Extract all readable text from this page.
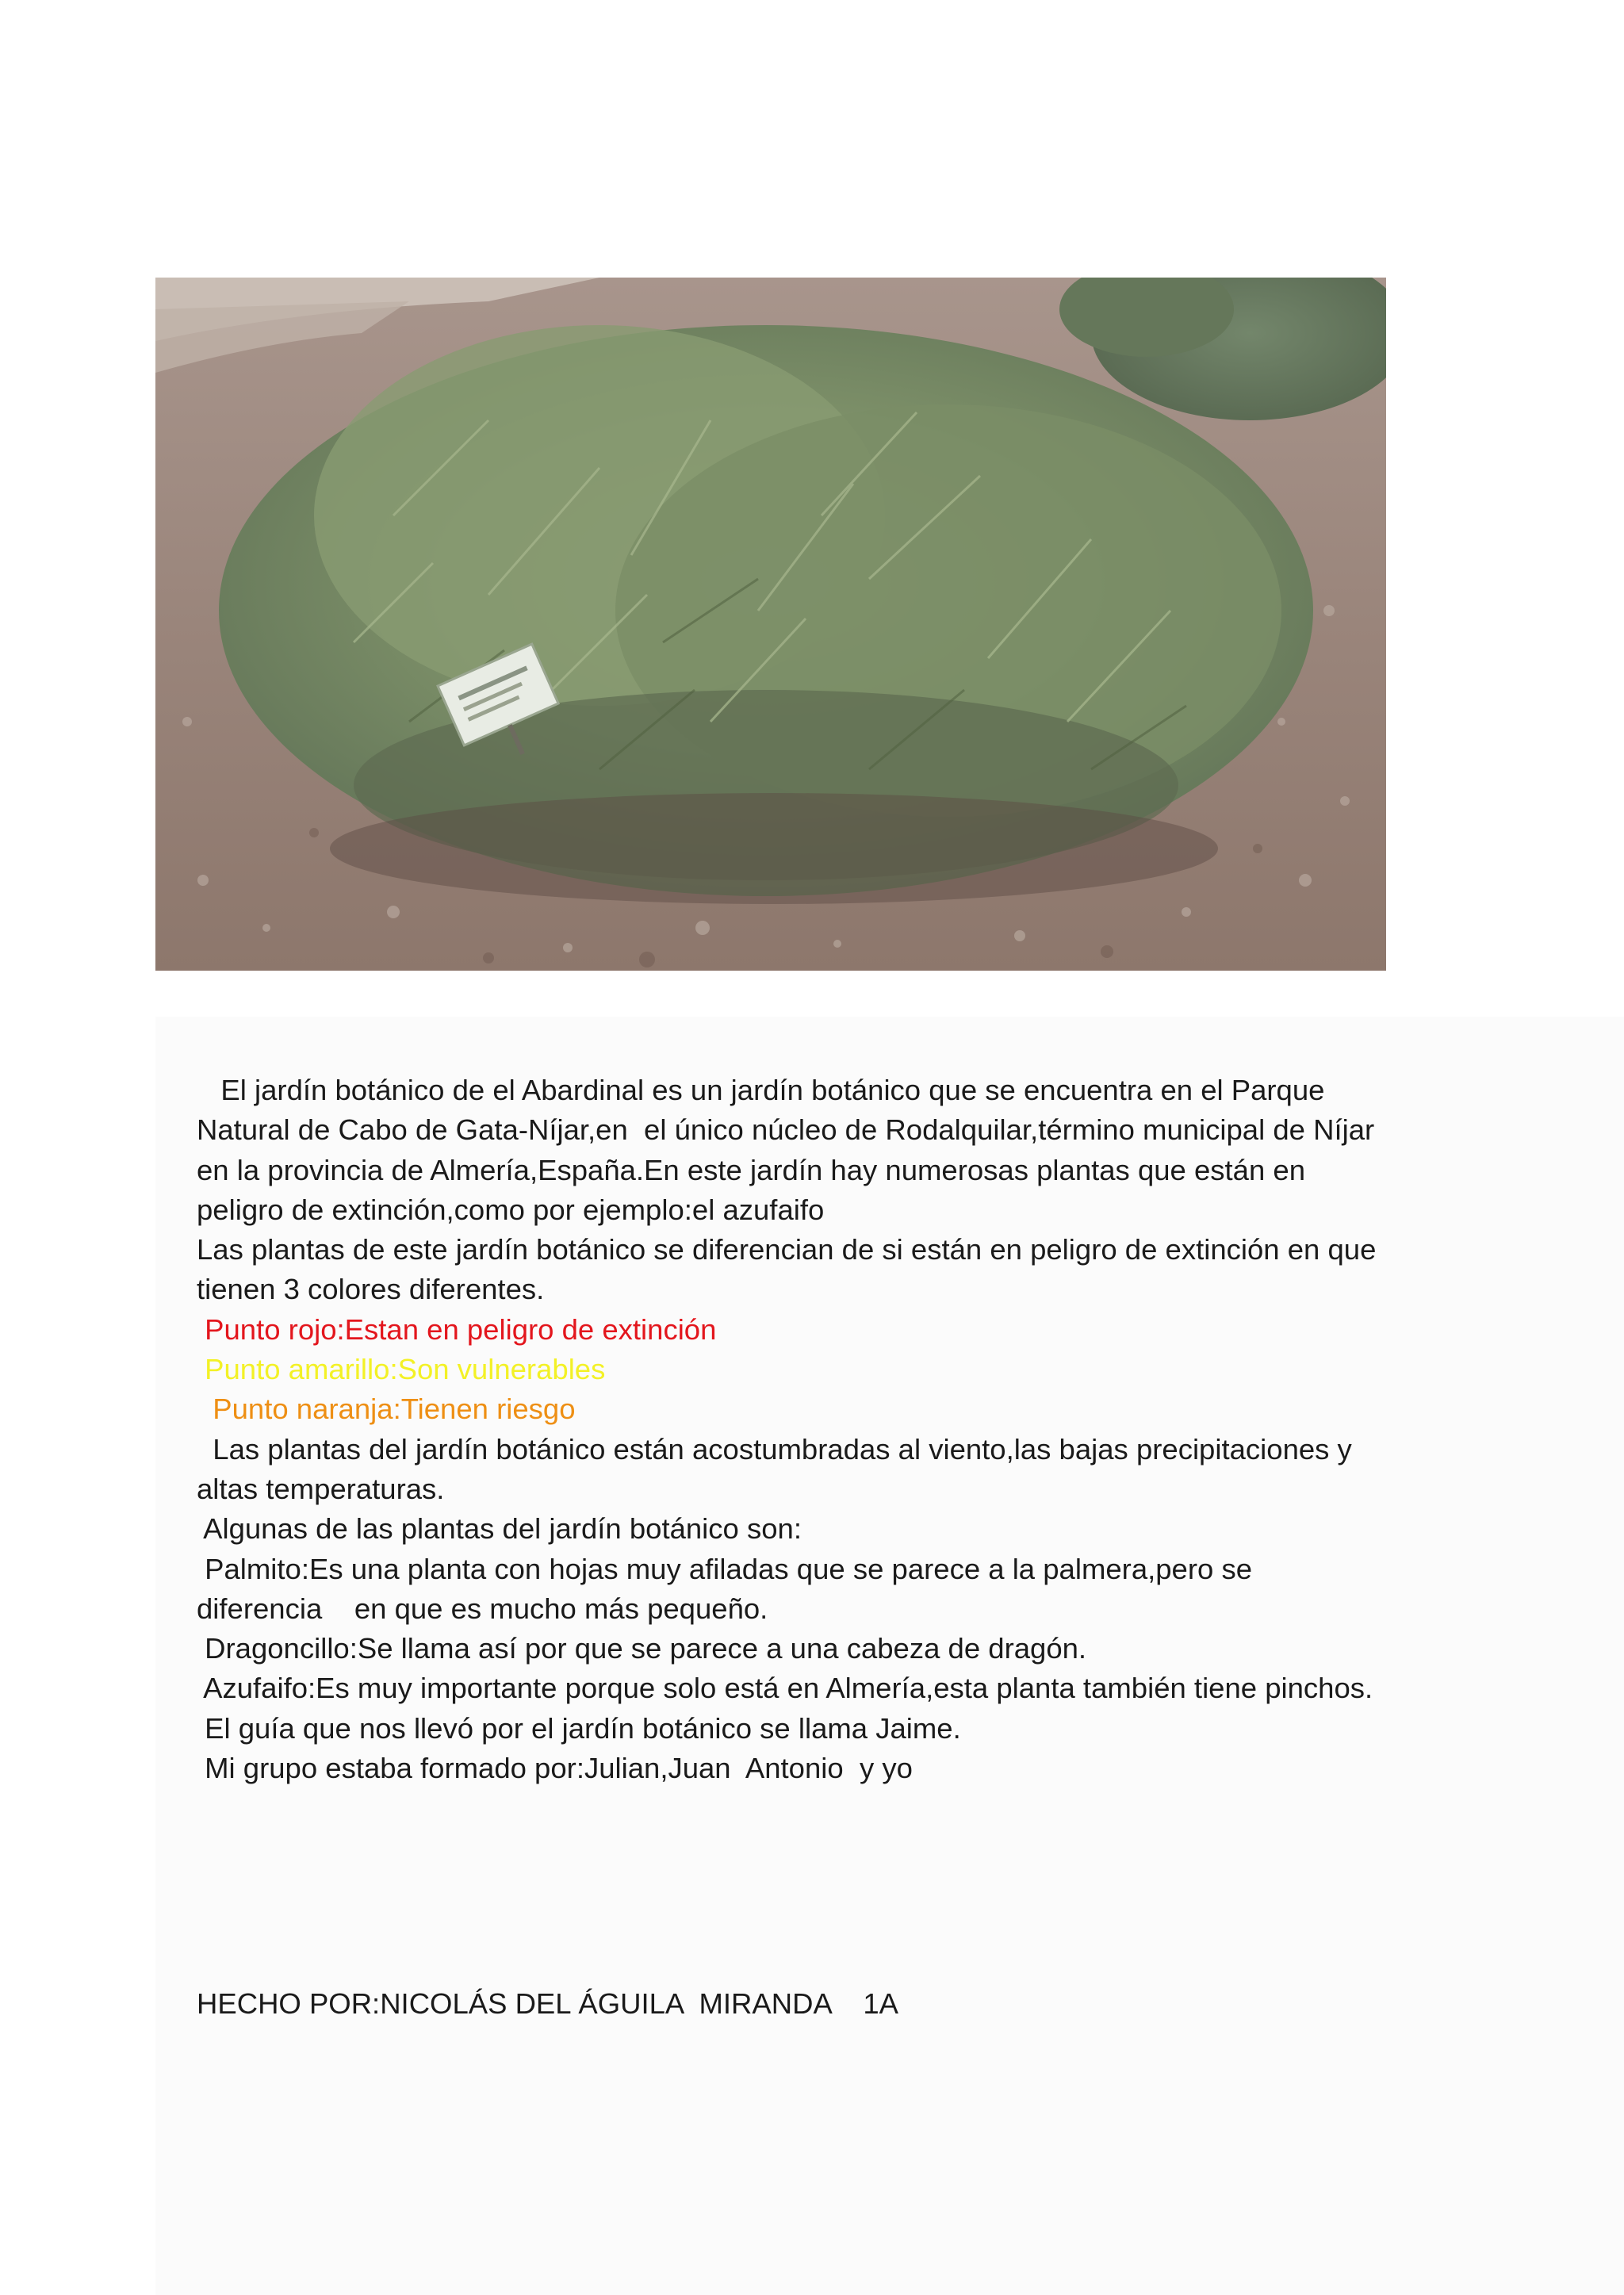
El jardín botánico de el Abardinal es un jardín botánico que se encuentra en el Parque
Natural de Cabo de Gata-Níjar,en  el único núcleo de Rodalquilar,término municipal de Níjar
en la provincia de Almería,España.En este jardín hay numerosas plantas que están en
peligro de extinción,como por ejemplo:el azufaifo
Las plantas de este jardín botánico se diferencian de si están en peligro de extinción en que
tienen 3 colores diferentes.
Punto rojo:Estan en peligro de extinción
Punto amarillo:Son vulnerables
Punto naranja:Tienen riesgo
Las plantas del jardín botánico están acostumbradas al viento,las bajas precipitaciones y
altas temperaturas.
Algunas de las plantas del jardín botánico son:
Palmito:Es una planta con hojas muy afiladas que se parece a la palmera,pero se
diferencia    en que es mucho más pequeño.
Dragoncillo:Se llama así por que se parece a una cabeza de dragón.
Azufaifo:Es muy importante porque solo está en Almería,esta planta también tiene pinchos.
El guía que nos llevó por el jardín botánico se llama Jaime.
Mi grupo estaba formado por:Julian,Juan  Antonio  y yo
HECHO POR:NICOLÁS DEL ÁGUILA  MIRANDA    1A
